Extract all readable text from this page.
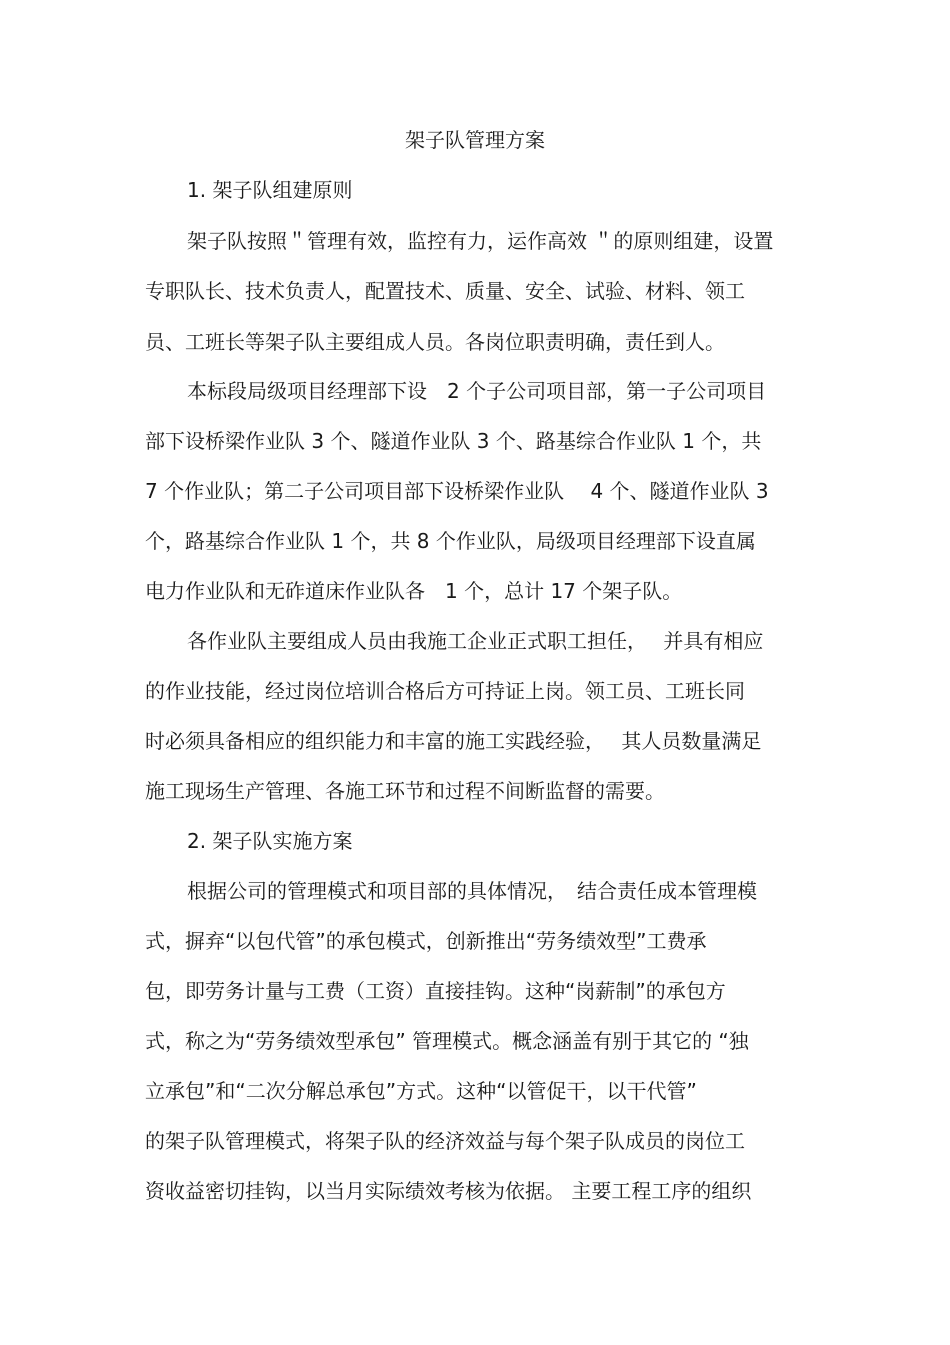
架子队管理方案
1. 架子队组建原则
架子队按照＂管理有效，监控有力，运作高效 ＂的原则组建，设置
专职队长、技术负责人，配置技术、质量、安全、试验、材料、领工
员、工班长等架子队主要组成人员。各岗位职责明确，责任到人。
本标段局级项目经理部下设　2 个子公司项目部，第一子公司项目
部下设桥梁作业队 3 个、隧道作业队 3 个、路基综合作业队 1 个，共
7 个作业队；第二子公司项目部下设桥梁作业队　 4 个、隧道作业队 3
个，路基综合作业队 1 个，共 8 个作业队，局级项目经理部下设直属
电力作业队和无砟道床作业队各　1 个，总计 17 个架子队。
各作业队主要组成人员由我施工企业正式职工担任，　 并具有相应
的作业技能，经过岗位培训合格后方可持证上岗。领工员、工班长同
时必须具备相应的组织能力和丰富的施工实践经验，　 其人员数量满足
施工现场生产管理、各施工环节和过程不间断监督的需要。
2. 架子队实施方案
根据公司的管理模式和项目部的具体情况，　结合责任成本管理模
式，摒弃“以包代管”的承包模式，创新推出“劳务绩效型”工费承
包，即劳务计量与工费（工资）直接挂钩。这种“岗薪制”的承包方
式，称之为“劳务绩效型承包” 管理模式。概念涵盖有别于其它的 “独
立承包”和“二次分解总承包”方式。这种“以管促干，以干代管”
的架子队管理模式，将架子队的经济效益与每个架子队成员的岗位工
资收益密切挂钩，以当月实际绩效考核为依据。 主要工程工序的组织
